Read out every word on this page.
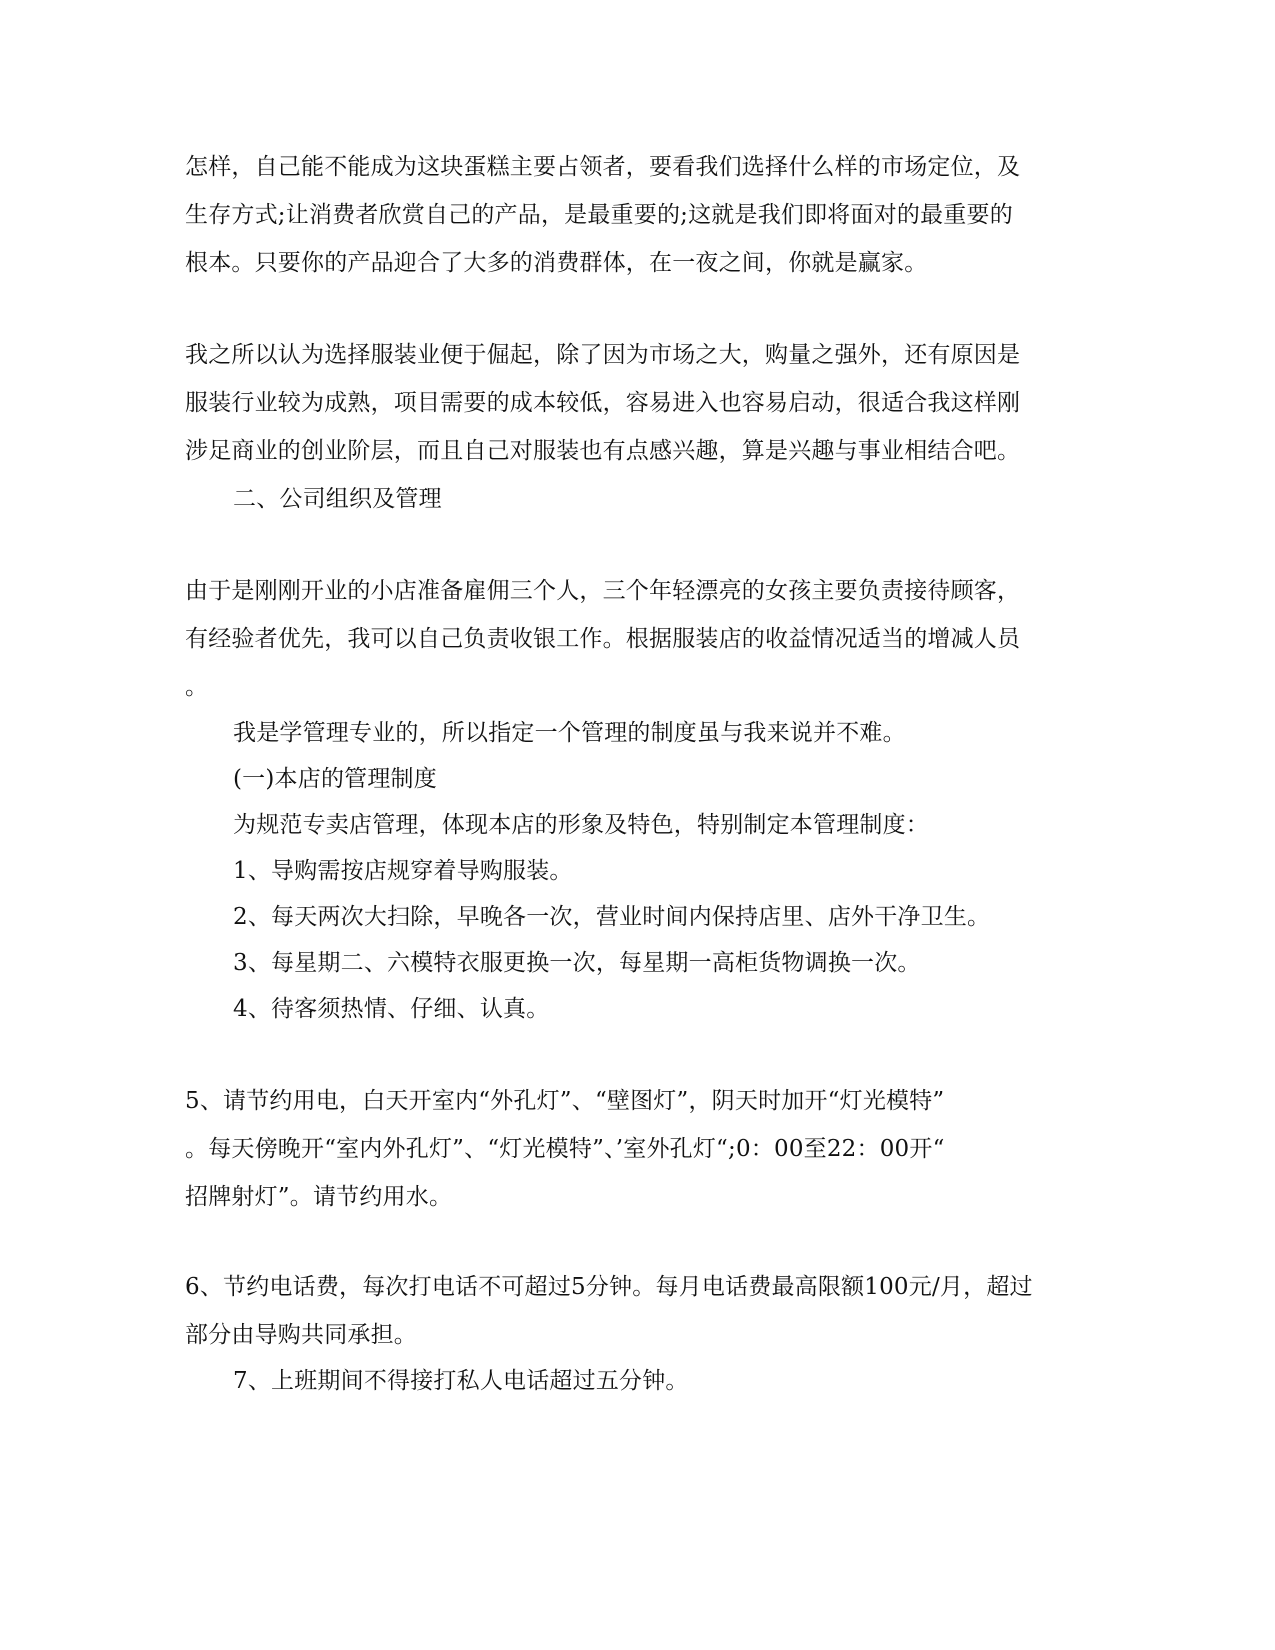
怎样，自己能不能成为这块蛋糕主要占领者，要看我们选择什么样的市场定位，及
生存方式;让消费者欣赏自己的产品，是最重要的;这就是我们即将面对的最重要的
根本。只要你的产品迎合了大多的消费群体，在一夜之间，你就是赢家。
我之所以认为选择服装业便于倔起，除了因为市场之大，购量之强外，还有原因是
服装行业较为成熟，项目需要的成本较低，容易进入也容易启动，很适合我这样刚
涉足商业的创业阶层，而且自己对服装也有点感兴趣，算是兴趣与事业相结合吧。
二、公司组织及管理
由于是刚刚开业的小店准备雇佣三个人，三个年轻漂亮的女孩主要负责接待顾客，
有经验者优先，我可以自己负责收银工作。根据服装店的收益情况适当的增减人员
。
我是学管理专业的，所以指定一个管理的制度虽与我来说并不难。
(一)本店的管理制度
为规范专卖店管理，体现本店的形象及特色，特别制定本管理制度：
1、导购需按店规穿着导购服装。
2、每天两次大扫除，早晚各一次，营业时间内保持店里、店外干净卫生。
3、每星期二、六模特衣服更换一次，每星期一高柜货物调换一次。
4、待客须热情、仔细、认真。
5、请节约用电，白天开室内“外孔灯”、“壁图灯”，阴天时加开“灯光模特”
。每天傍晚开“室内外孔灯”、“灯光模特”、’室外孔灯“;0：00至22：00开“
招牌射灯”。请节约用水。
6、节约电话费，每次打电话不可超过5分钟。每月电话费最高限额100元/月，超过
部分由导购共同承担。
7、上班期间不得接打私人电话超过五分钟。
